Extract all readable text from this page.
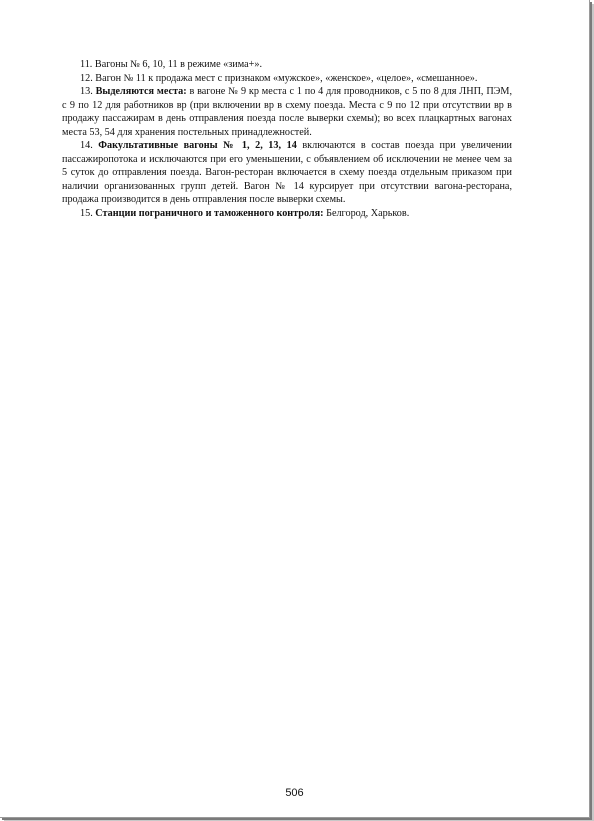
11. Вагоны № 6, 10, 11 в режиме «зима+».

12. Вагон № 11 к продажа мест с признаком «мужское», «женское», «целое», «смешанное».

13. Выделяются места: в вагоне № 9 кр места с 1 по 4 для проводников, с 5 по 8 для ЛНП, ПЭМ, с 9 по 12 для работников вр (при включении вр в схему поезда. Места с 9 по 12 при отсутствии вр в продажу пассажирам в день отправления поезда после выверки схемы); во всех плацкартных вагонах места 53, 54 для хранения постельных принадлежностей.

14. Факультативные вагоны № 1, 2, 13, 14 включаются в состав поезда при увеличении пассажиропотока и исключаются при его уменьшении, с объявлением об исключении не менее чем за 5 суток до отправления поезда. Вагон-ресторан включается в схему поезда отдельным приказом при наличии организованных групп детей. Вагон № 14 курсирует при отсутствии вагона-ресторана, продажа производится в день отправления после выверки схемы.

15. Станции пограничного и таможенного контроля: Белгород, Харьков.

506
